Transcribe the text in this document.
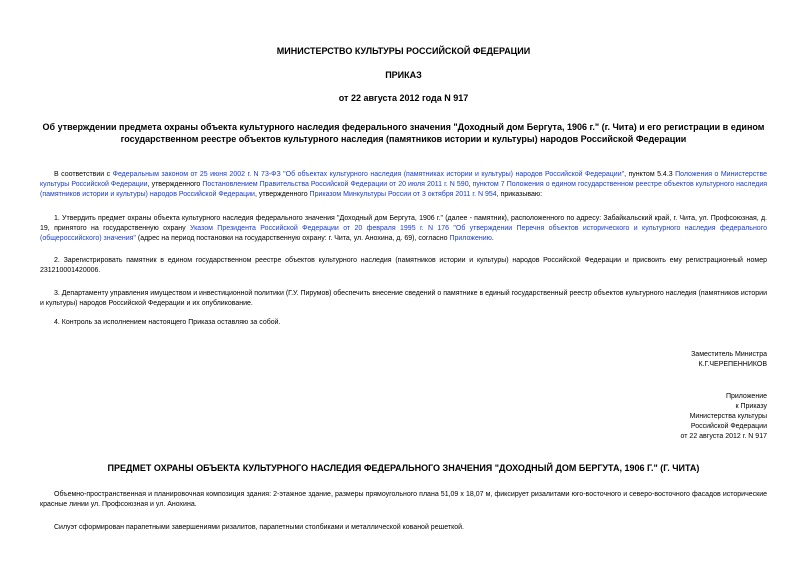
МИНИСТЕРСТВО КУЛЬТУРЫ РОССИЙСКОЙ ФЕДЕРАЦИИ
ПРИКАЗ
от 22 августа 2012 года N 917
Об утверждении предмета охраны объекта культурного наследия федерального значения "Доходный дом Бергута, 1906 г." (г. Чита) и его регистрации в едином государственном реестре объектов культурного наследия (памятников истории и культуры) народов Российской Федерации
В соответствии с Федеральным законом от 25 июня 2002 г. N 73-ФЗ "Об объектах культурного наследия (памятниках истории и культуры) народов Российской Федерации", пунктом 5.4.3 Положения о Министерстве культуры Российской Федерации, утвержденного Постановлением Правительства Российской Федерации от 20 июля 2011 г. N 590, пунктом 7 Положения о едином государственном реестре объектов культурного наследия (памятников истории и культуры) народов Российской Федерации, утвержденного Приказом Минкультуры России от 3 октября 2011 г. N 954, приказываю:
1. Утвердить предмет охраны объекта культурного наследия федерального значения "Доходный дом Бергута, 1906 г." (далее - памятник), расположенного по адресу: Забайкальский край, г. Чита, ул. Профсоюзная, д. 19, принятого на государственную охрану Указом Президента Российской Федерации от 20 февраля 1995 г. N 176 "Об утверждении Перечня объектов исторического и культурного наследия федерального (общероссийского) значения" (адрес на период постановки на государственную охрану: г. Чита, ул. Анохина, д. 69), согласно Приложению.
2. Зарегистрировать памятник в едином государственном реестре объектов культурного наследия (памятников истории и культуры) народов Российской Федерации и присвоить ему регистрационный номер 231210001420006.
3. Департаменту управления имуществом и инвестиционной политики (Г.У. Пирумов) обеспечить внесение сведений о памятнике в единый государственный реестр объектов культурного наследия (памятников истории и культуры) народов Российской Федерации и их опубликование.
4. Контроль за исполнением настоящего Приказа оставляю за собой.
Заместитель Министра
К.Г.ЧЕРЕПЕННИКОВ
Приложение
к Приказу
Министерства культуры
Российской Федерации
от 22 августа 2012 г. N 917
ПРЕДМЕТ ОХРАНЫ ОБЪЕКТА КУЛЬТУРНОГО НАСЛЕДИЯ ФЕДЕРАЛЬНОГО ЗНАЧЕНИЯ "ДОХОДНЫЙ ДОМ БЕРГУТА, 1906 Г." (Г. ЧИТА)
Объемно-пространственная и планировочная композиция здания: 2-этажное здание, размеры прямоугольного плана 51,09 х 18,07 м, фиксирует ризалитами юго-восточного и северо-восточного фасадов исторические красные линии ул. Профсоюзная и ул. Анохина.
Силуэт сформирован парапетными завершениями ризалитов, парапетными столбиками и металлической кованой решеткой.
